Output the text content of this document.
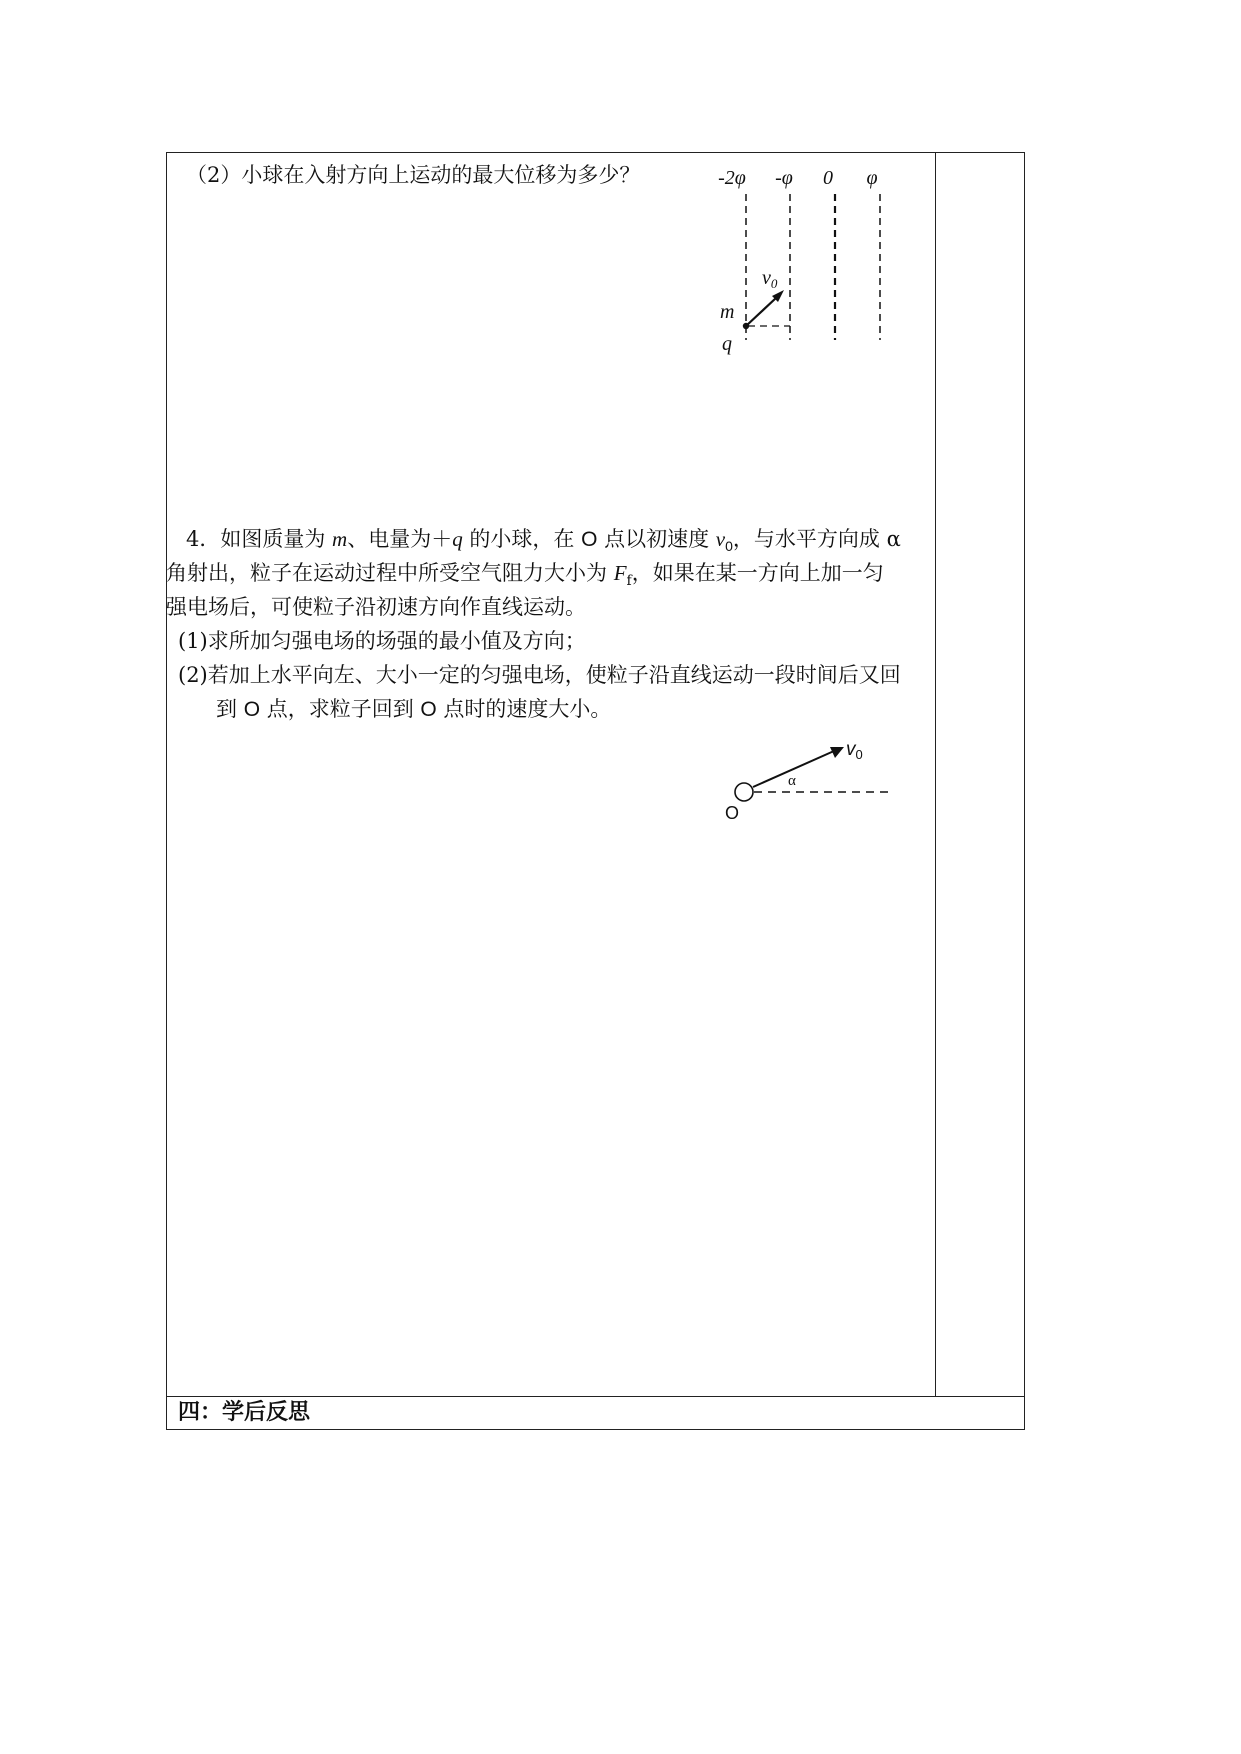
（2）小球在入射方向上运动的最大位移为多少？	-2φ -φ 0 φ
$v_0$
m
q
4．如图质量为 m、电量为＋q 的小球，在 O 点以初速度 $v_0$，与水平方向成 α
角射出，粒子在运动过程中所受空气阻力大小为 $F_f$，如果在某一方向上加一匀
强电场后，可使粒子沿初速方向作直线运动。
(1)求所加匀强电场的场强的最小值及方向；
(2)若加上水平向左、大小一定的匀强电场，使粒子沿直线运动一段时间后又回
到 O 点，求粒子回到 O 点时的速度大小。
$v_0$
α
O
四：学后反思
